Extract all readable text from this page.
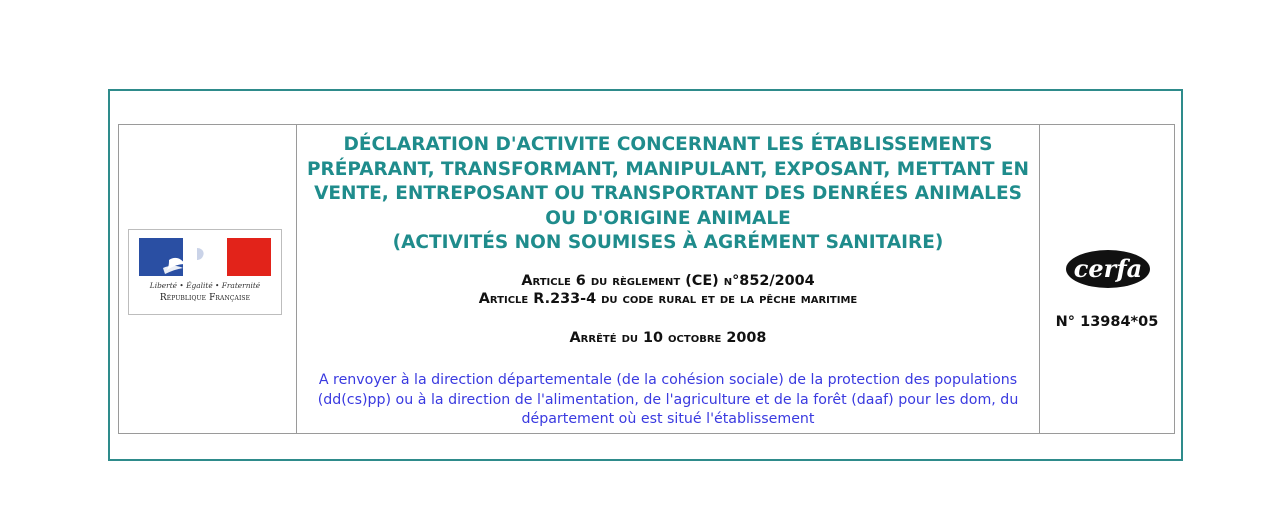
Liberté • Égalité • Fraternité
République Française
DÉCLARATION D'ACTIVITE CONCERNANT LES ÉTABLISSEMENTS
PRÉPARANT, TRANSFORMANT, MANIPULANT, EXPOSANT, METTANT EN
VENTE, ENTREPOSANT OU TRANSPORTANT DES DENRÉES ANIMALES
OU D'ORIGINE ANIMALE
(ACTIVITÉS NON SOUMISES À AGRÉMENT SANITAIRE)
Article 6 du règlement (CE) n°852/2004
Article R.233-4 du code rural et de la pêche maritime
Arrêté du 10 octobre 2008
A renvoyer à la direction départementale (de la cohésion sociale) de la protection des populations
(dd(cs)pp) ou à la direction de l'alimentation, de l'agriculture et de la forêt (daaf) pour les dom, du
département où est situé l'établissement
cerfa
N° 13984*05
